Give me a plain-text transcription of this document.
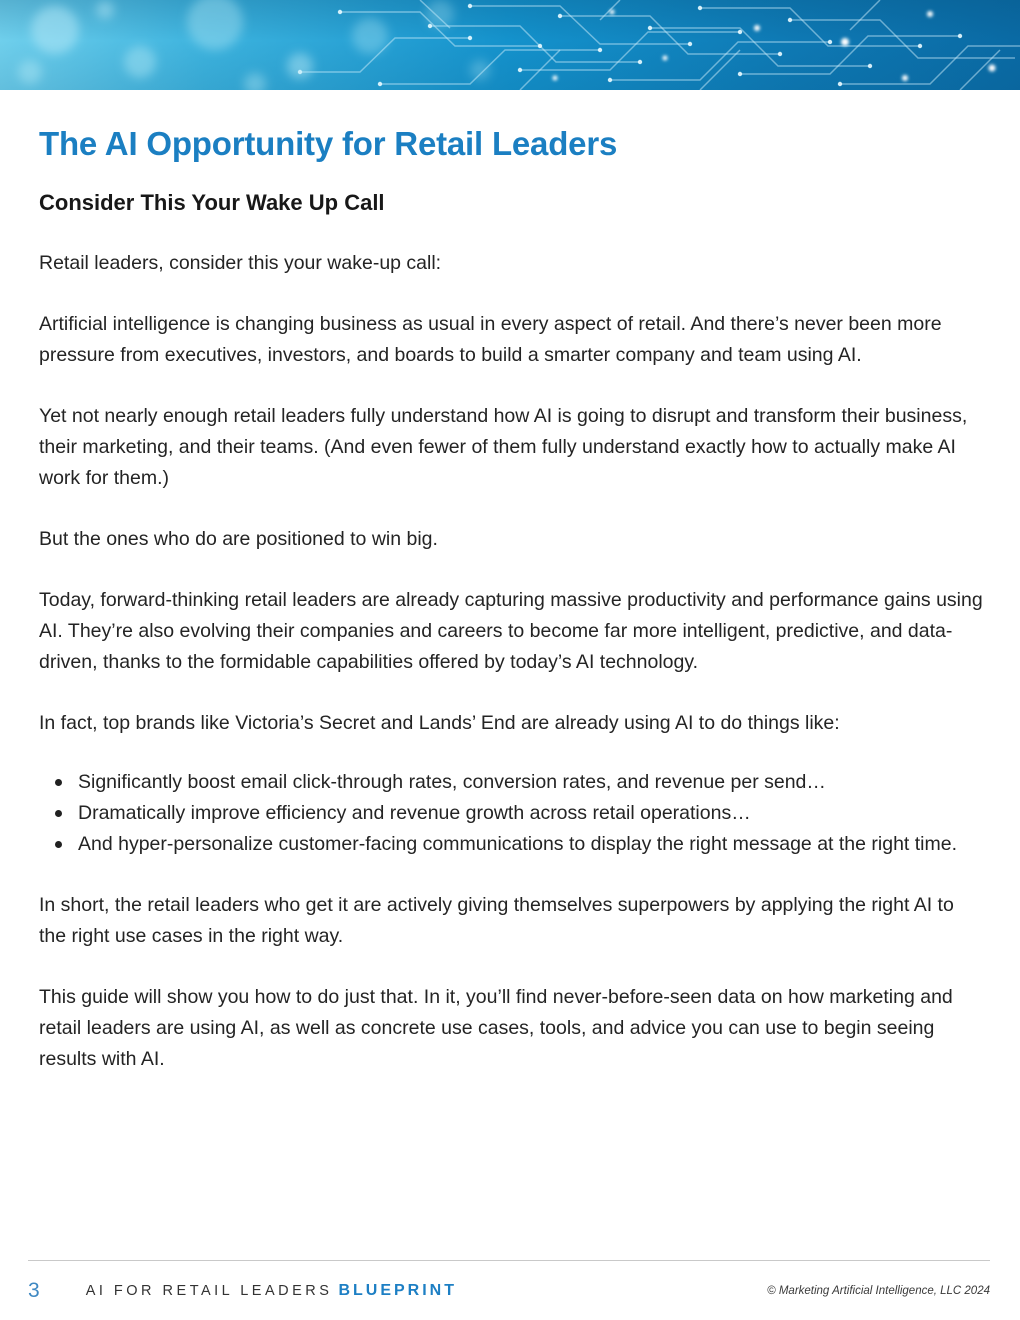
The AI Opportunity for Retail Leaders
Consider This Your Wake Up Call

Retail leaders, consider this your wake-up call:

Artificial intelligence is changing business as usual in every aspect of retail. And there’s never been more pressure from executives, investors, and boards to build a smarter company and team using AI.

Yet not nearly enough retail leaders fully understand how AI is going to disrupt and transform their business, their marketing, and their teams. (And even fewer of them fully understand exactly how to actually make AI work for them.)

But the ones who do are positioned to win big.

Today, forward-thinking retail leaders are already capturing massive productivity and performance gains using AI. They’re also evolving their companies and careers to become far more intelligent, predictive, and data-driven, thanks to the formidable capabilities offered by today’s AI technology.

In fact, top brands like Victoria’s Secret and Lands’ End are already using AI to do things like:

Significantly boost email click-through rates, conversion rates, and revenue per send…
Dramatically improve efficiency and revenue growth across retail operations…
And hyper-personalize customer-facing communications to display the right message at the right time.

In short, the retail leaders who get it are actively giving themselves superpowers by applying the right AI to the right use cases in the right way.

This guide will show you how to do just that. In it, you’ll find never-before-seen data on how marketing and retail leaders are using AI, as well as concrete use cases, tools, and advice you can use to begin seeing results with AI.

3	AI FOR RETAIL LEADERS BLUEPRINT	© Marketing Artificial Intelligence, LLC 2024
